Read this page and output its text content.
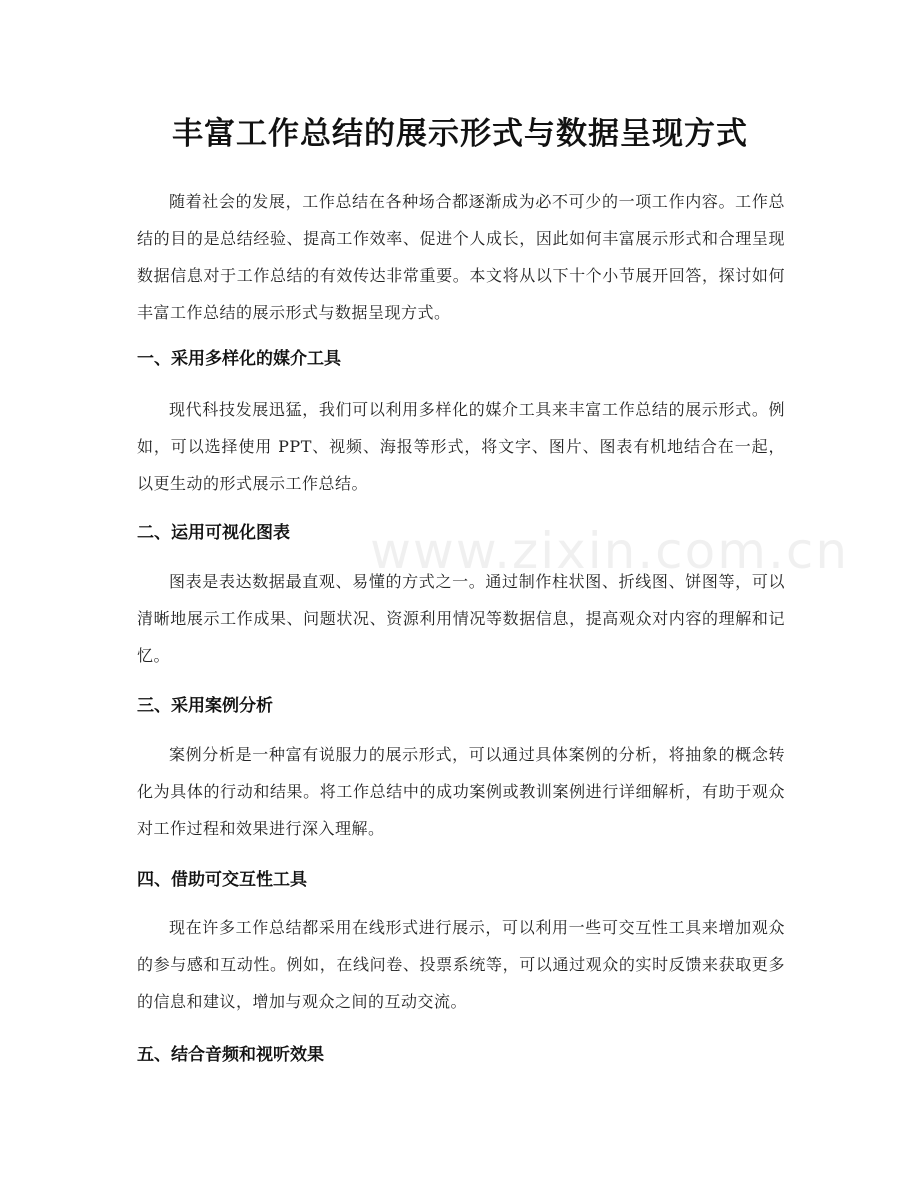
www.zixin.com.cn
丰富工作总结的展示形式与数据呈现方式

随着社会的发展，工作总结在各种场合都逐渐成为必不可少的一项工作内容。工作总结的目的是总结经验、提高工作效率、促进个人成长，因此如何丰富展示形式和合理呈现数据信息对于工作总结的有效传达非常重要。本文将从以下十个小节展开回答，探讨如何丰富工作总结的展示形式与数据呈现方式。

一、采用多样化的媒介工具

现代科技发展迅猛，我们可以利用多样化的媒介工具来丰富工作总结的展示形式。例如，可以选择使用 PPT、视频、海报等形式，将文字、图片、图表有机地结合在一起，以更生动的形式展示工作总结。

二、运用可视化图表

图表是表达数据最直观、易懂的方式之一。通过制作柱状图、折线图、饼图等，可以清晰地展示工作成果、问题状况、资源利用情况等数据信息，提高观众对内容的理解和记忆。

三、采用案例分析

案例分析是一种富有说服力的展示形式，可以通过具体案例的分析，将抽象的概念转化为具体的行动和结果。将工作总结中的成功案例或教训案例进行详细解析，有助于观众对工作过程和效果进行深入理解。

四、借助可交互性工具

现在许多工作总结都采用在线形式进行展示，可以利用一些可交互性工具来增加观众的参与感和互动性。例如，在线问卷、投票系统等，可以通过观众的实时反馈来获取更多的信息和建议，增加与观众之间的互动交流。

五、结合音频和视听效果
